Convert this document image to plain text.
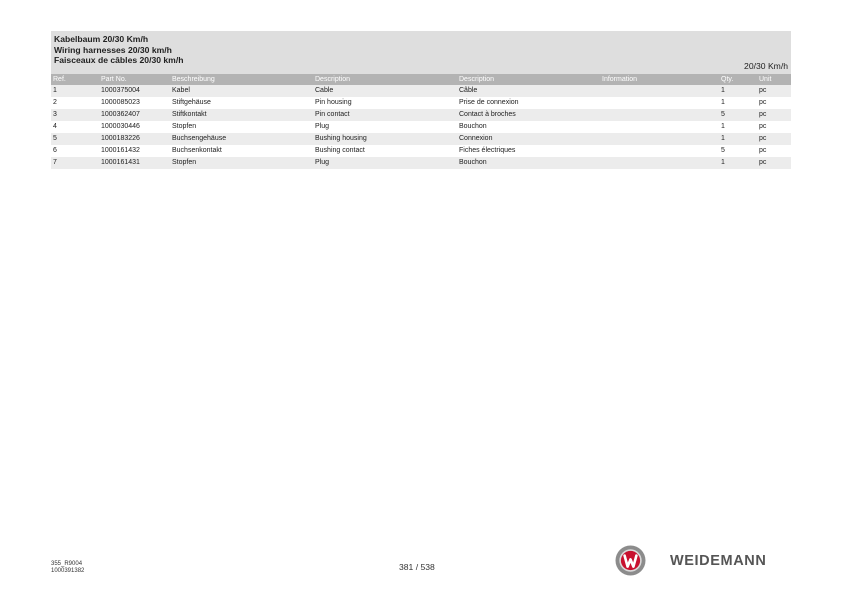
Kabelbaum 20/30 Km/h
Wiring harnesses 20/30 km/h
Faisceaux de câbles 20/30 km/h
20/30 Km/h
Ref.	Part No.	Beschreibung	Description	Description	Information	Qty.	Unit
1	1000375004	Kabel	Cable	Câble		1	pc
2	1000085023	Stiftgehäuse	Pin housing	Prise de connexion		1	pc
3	1000362407	Stiftkontakt	Pin contact	Contact à broches		5	pc
4	1000030446	Stopfen	Plug	Bouchon		1	pc
5	1000183226	Buchsengehäuse	Bushing housing	Connexion		1	pc
6	1000161432	Buchsenkontakt	Bushing contact	Fiches électriques		5	pc
7	1000161431	Stopfen	Plug	Bouchon		1	pc
355_R9004
1000391382	381 / 538	WEIDEMANN
